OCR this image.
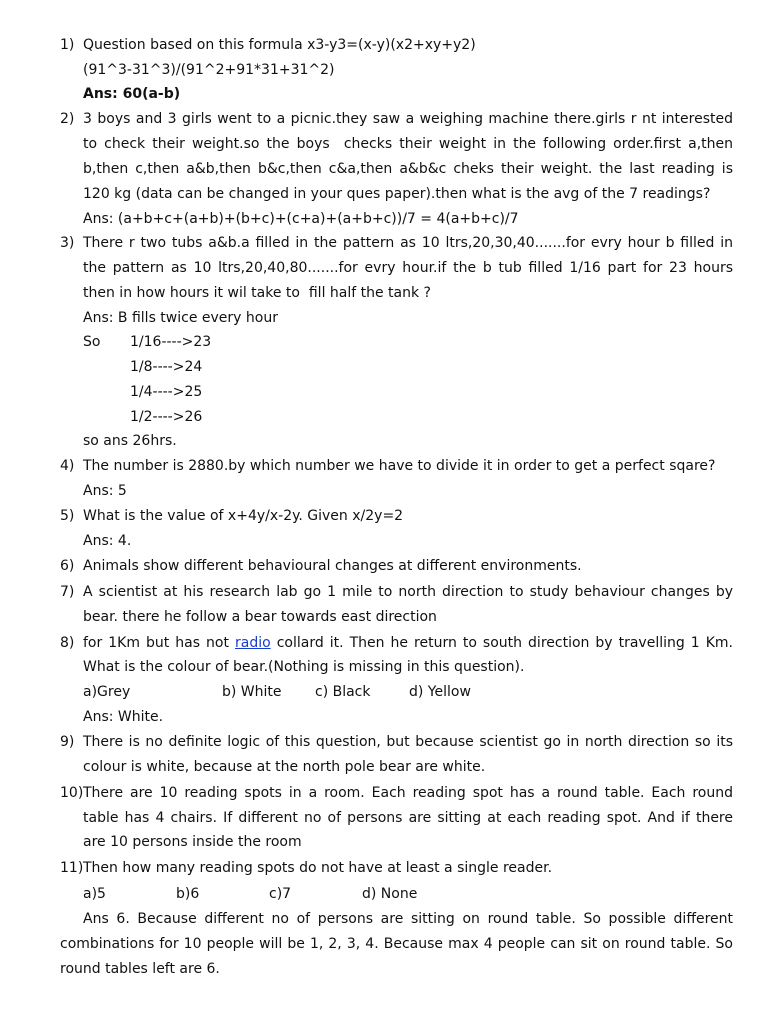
1) Question based on this formula x3-y3=(x-y)(x2+xy+y2)
(91^3-31^3)/(91^2+91*31+31^2)
Ans: 60(a-b)
2) 3 boys and 3 girls went to a picnic.they saw a weighing machine there.girls r nt interested
to check their weight.so the boys  checks their weight in the following order.first a,then
b,then c,then a&b,then b&c,then c&a,then a&b&c cheks their weight. the last reading is
120 kg (data can be changed in your ques paper).then what is the avg of the 7 readings?
Ans: (a+b+c+(a+b)+(b+c)+(c+a)+(a+b+c))/7 = 4(a+b+c)/7
3) There r two tubs a&b.a filled in the pattern as 10 ltrs,20,30,40.......for evry hour b filled in
the pattern as 10 ltrs,20,40,80.......for evry hour.if the b tub filled 1/16 part for 23 hours
then in how hours it wil take to  fill half the tank ?
Ans: B fills twice every hour
So 1/16---->23
1/8---->24
1/4---->25
1/2---->26
so ans 26hrs.
4) The number is 2880.by which number we have to divide it in order to get a perfect sqare?
Ans: 5
5) What is the value of x+4y/x-2y. Given x/2y=2
Ans: 4.
6) Animals show different behavioural changes at different environments.
7) A scientist at his research lab go 1 mile to north direction to study behaviour changes by
bear. there he follow a bear towards east direction
8) for 1Km but has not radio collard it. Then he return to south direction by travelling 1 Km.
What is the colour of bear.(Nothing is missing in this question).
a)Grey	b) White c) Black	d) Yellow
Ans: White.
9) There is no definite logic of this question, but because scientist go in north direction so its
colour is white, because at the north pole bear are white.
10) There are 10 reading spots in a room. Each reading spot has a round table. Each round
table has 4 chairs. If different no of persons are sitting at each reading spot. And if there
are 10 persons inside the room
11) Then how many reading spots do not have at least a single reader.
a)5	b)6	c)7	d) None
Ans 6. Because different no of persons are sitting on round table. So possible different
combinations for 10 people will be 1, 2, 3, 4. Because max 4 people can sit on round table. So
round tables left are 6.
